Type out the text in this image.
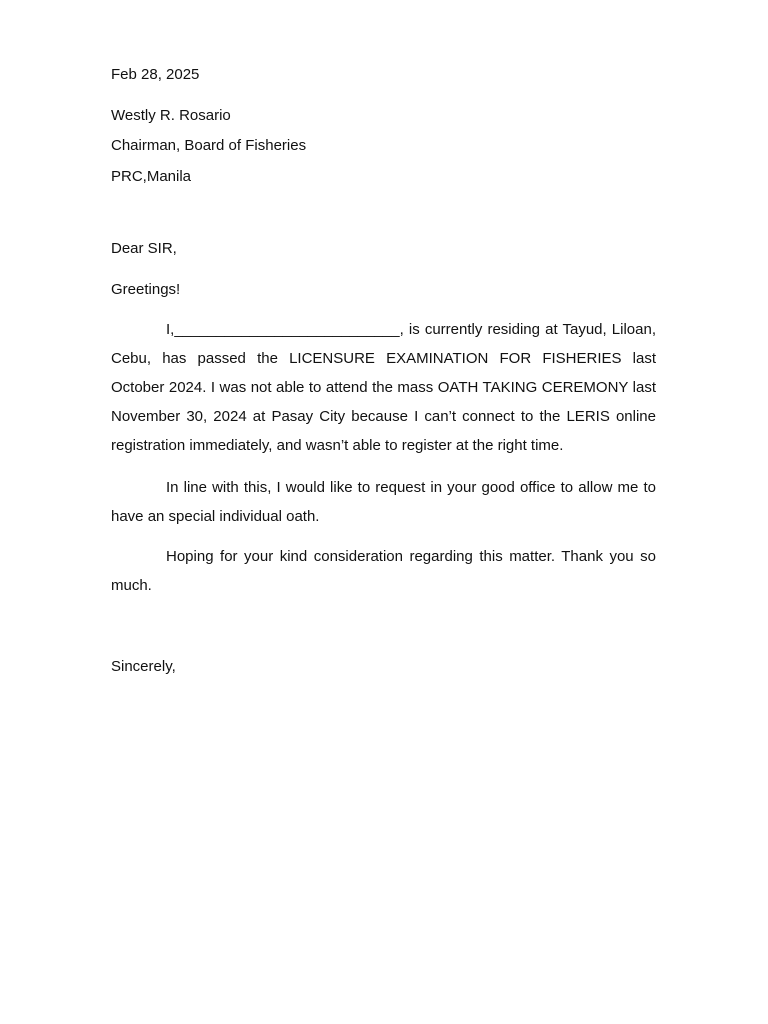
Feb 28, 2025
Westly R. Rosario
Chairman, Board of Fisheries
PRC,Manila
Dear SIR,
Greetings!

I,___________________________, is currently residing at Tayud, Liloan, Cebu, has passed the LICENSURE EXAMINATION FOR FISHERIES last October 2024. I was not able to attend the mass OATH TAKING CEREMONY last November 30, 2024 at Pasay City because I can’t connect to the LERIS online registration immediately, and wasn’t able to register at the right time.

In line with this, I would like to request in your good office to allow me to have an special individual oath.

Hoping for your kind consideration regarding this matter. Thank you so much.

Sincerely,
